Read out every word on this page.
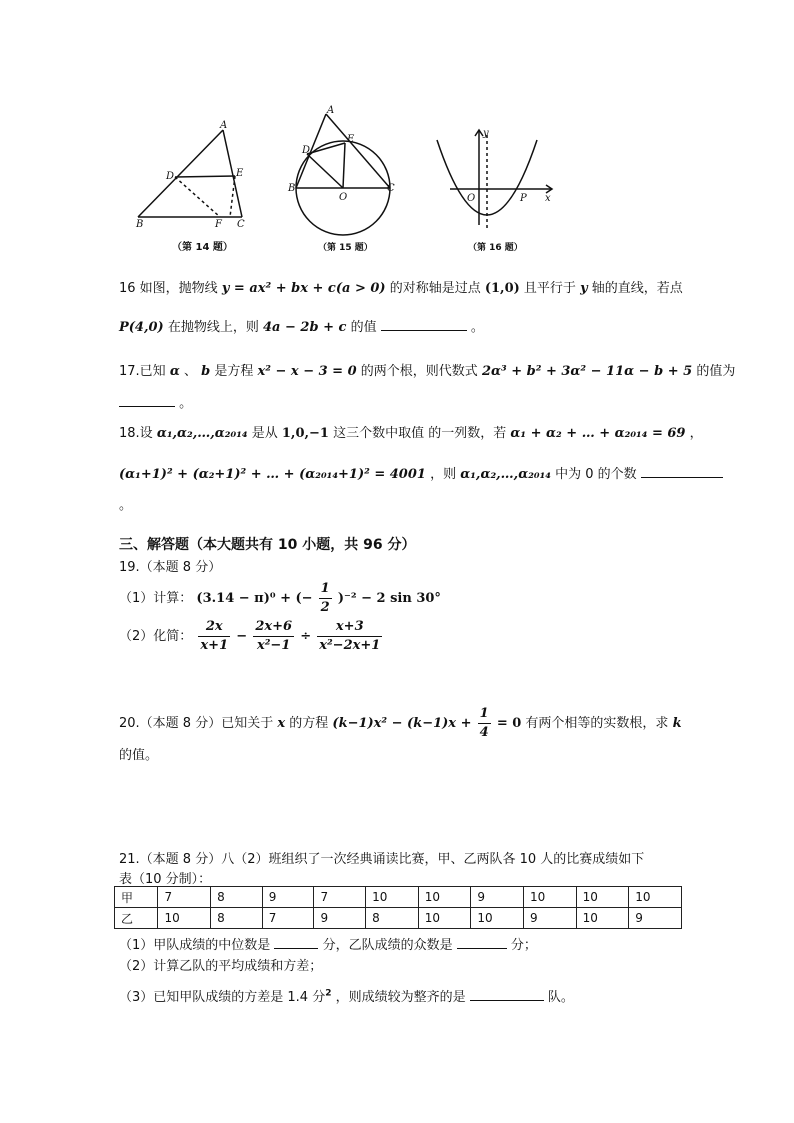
A
D	E
B	F C
（第 14 题）
A
D
E
B
O
C
（第 15 题）
y
O	P x
（第 16 题）
16 如图，抛物线 y = ax² + bx + c(a > 0) 的对称轴是过点 (1,0) 且平行于 y 轴的直线，若点
P(4,0) 在抛物线上，则 4a − 2b + c 的值	。
17.已知 α 、 b 是方程 x² − x − 3 = 0 的两个根，则代数式 2α³ + b² + 3α² − 11α − b + 5 的值为
。
18.设 α₁,α₂,…,α₂₀₁₄ 是从 1,0,−1 这三个数中取值 的一列数，若 α₁ + α₂ + … + α₂₀₁₄ = 69 ，
(α₁+1)² + (α₂+1)² + … + (α₂₀₁₄+1)² = 4001 ，则 α₁,α₂,…,α₂₀₁₄ 中为 0 的个数
。
三、解答题（本大题共有 10 小题，共 96 分）
19.（本题 8 分）
（1）计算： (3.14 − π)⁰ + (− $\frac{1}{2} )^{-2} - 2$ sin 30°
（2）化简： $\frac{2x}{x+1} - \frac{2x+6}{\text{x²−1}} \div \frac{x+3}{\text{x²−2x+1}}$
20.（本题 8 分）已知关于 x 的方程 $(k-1)x^2 - (k-1)x + \frac{1}{4} = 0$ 有两个相等的实数根，求 k
的值。
21.（本题 8 分）八（2）班组织了一次经典诵读比赛，甲、乙两队各 10 人的比赛成绩如下
表（10 分制）：
甲	7	8	9	7	10	10	9	10	10	10
乙	10	8	7	9	8	10	10	9	10	9
（1）甲队成绩的中位数是	分，乙队成绩的众数是	分；
（2）计算乙队的平均成绩和方差；
（3）已知甲队成绩的方差是 1.4 分$^2$ ，则成绩较为整齐的是	队。
